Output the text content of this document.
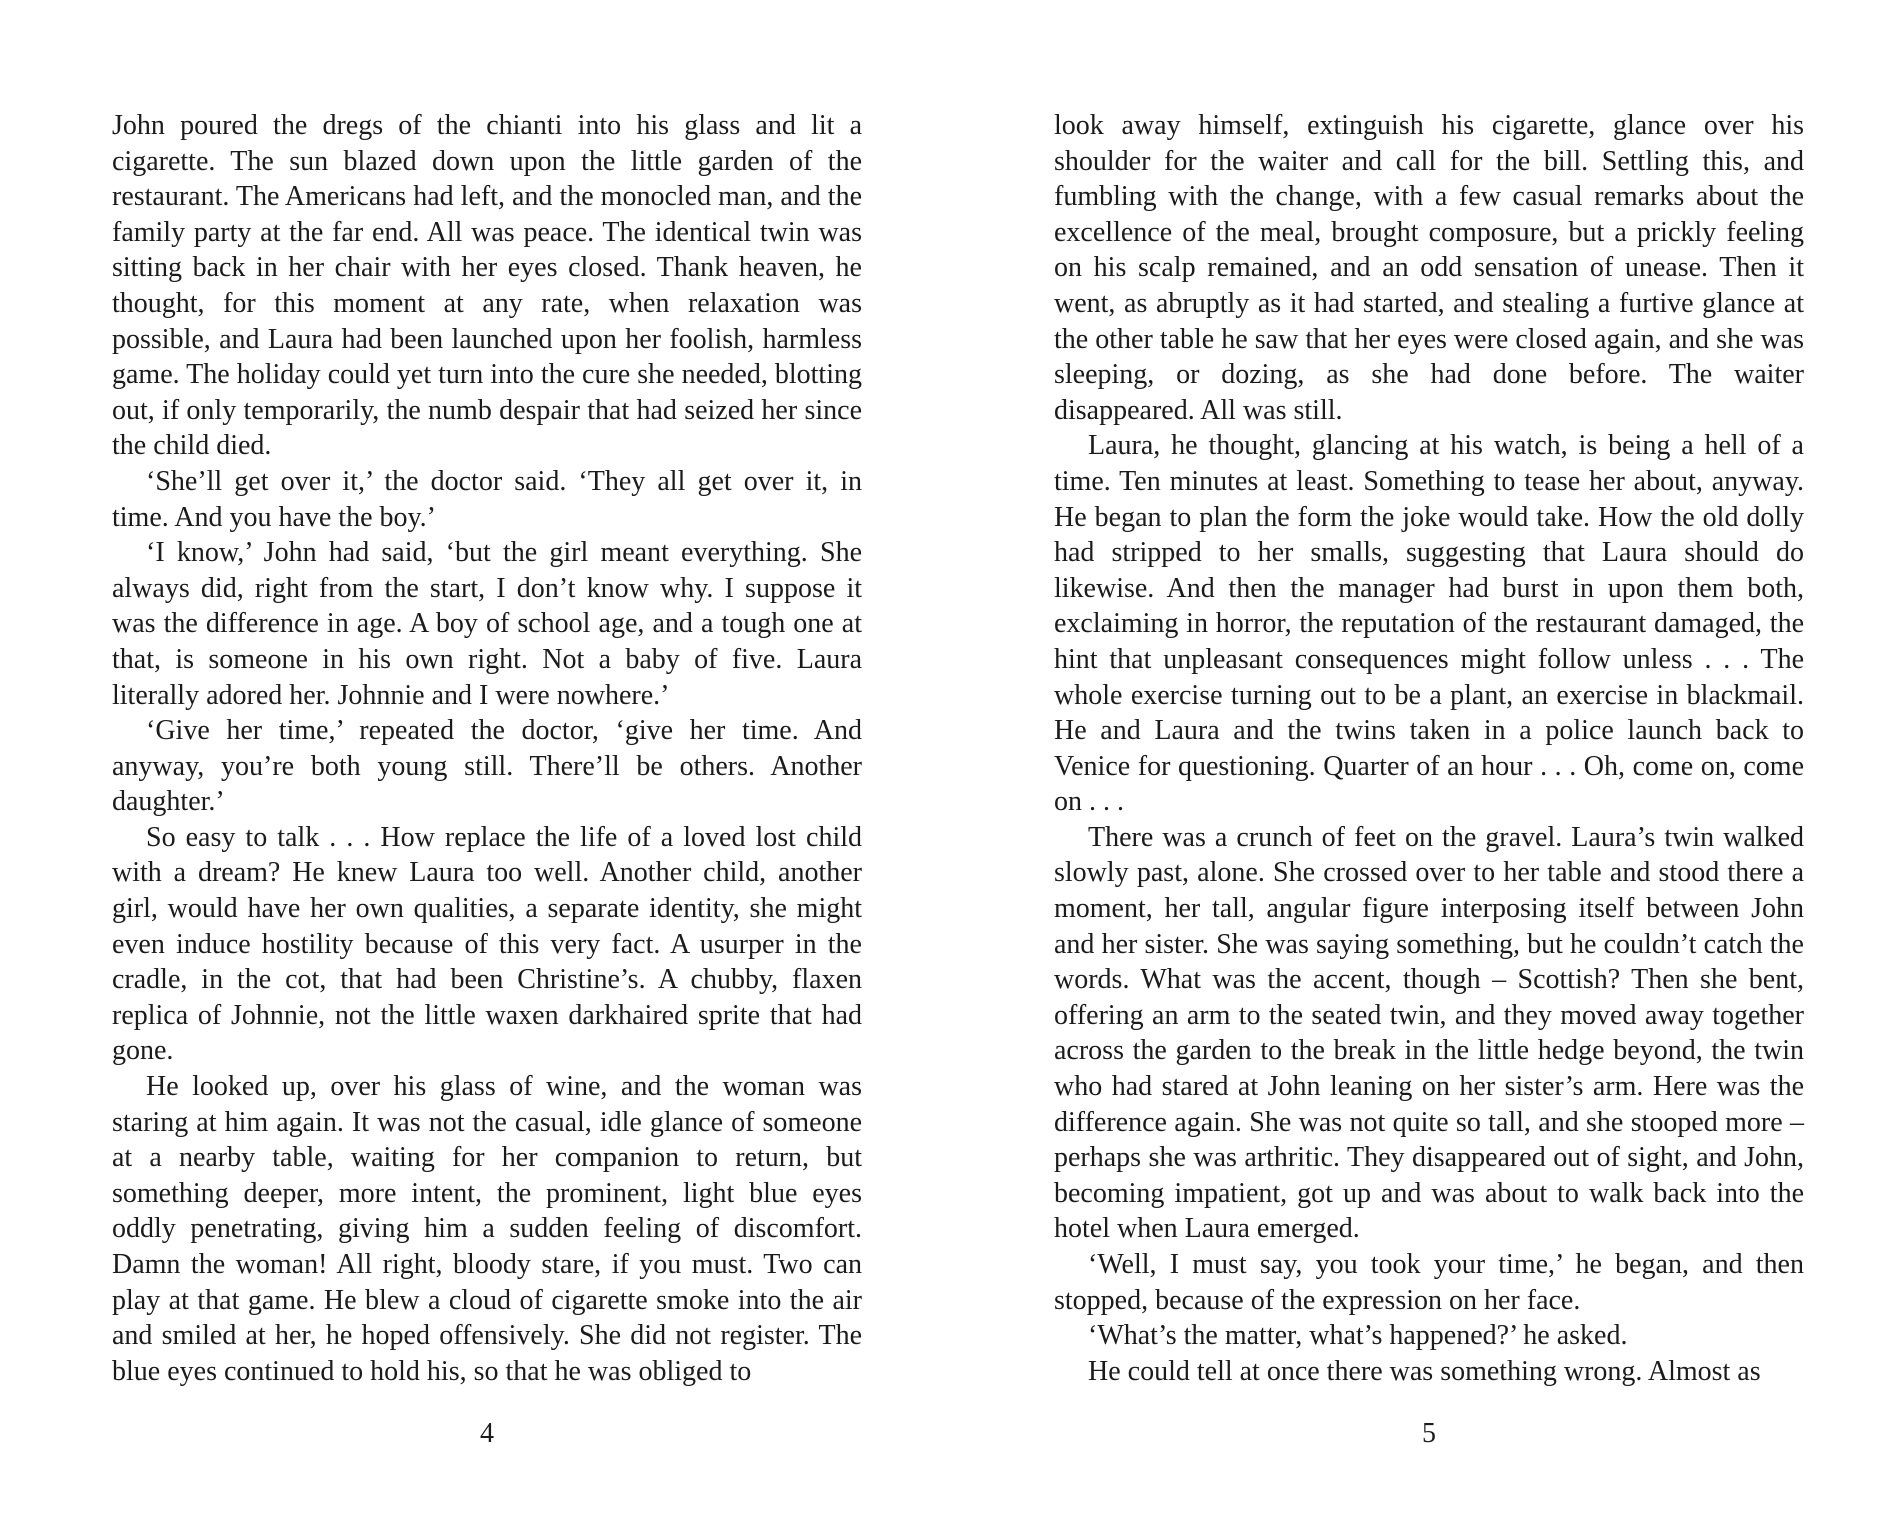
John poured the dregs of the chianti into his glass and lit a cigarette. The sun blazed down upon the little garden of the restaurant. The Americans had left, and the monocled man, and the family party at the far end. All was peace. The identical twin was sitting back in her chair with her eyes closed. Thank heaven, he thought, for this moment at any rate, when relaxation was possible, and Laura had been launched upon her foolish, harmless game. The holiday could yet turn into the cure she needed, blotting out, if only temporarily, the numb despair that had seized her since the child died.

‘She’ll get over it,’ the doctor said. ‘They all get over it, in time. And you have the boy.’

‘I know,’ John had said, ‘but the girl meant everything. She always did, right from the start, I don’t know why. I suppose it was the difference in age. A boy of school age, and a tough one at that, is someone in his own right. Not a baby of five. Laura literally adored her. Johnnie and I were nowhere.’

‘Give her time,’ repeated the doctor, ‘give her time. And anyway, you’re both young still. There’ll be others. Another daughter.’

So easy to talk . . . How replace the life of a loved lost child with a dream? He knew Laura too well. Another child, another girl, would have her own qualities, a separate identity, she might even induce hostility because of this very fact. A usurper in the cradle, in the cot, that had been Christine’s. A chubby, flaxen replica of Johnnie, not the little waxen darkhaired sprite that had gone.

He looked up, over his glass of wine, and the woman was staring at him again. It was not the casual, idle glance of someone at a nearby table, waiting for her companion to return, but something deeper, more intent, the prominent, light blue eyes oddly penetrating, giving him a sudden feeling of discomfort. Damn the woman! All right, bloody stare, if you must. Two can play at that game. He blew a cloud of cigarette smoke into the air and smiled at her, he hoped offensively. She did not register. The blue eyes continued to hold his, so that he was obliged to

4

look away himself, extinguish his cigarette, glance over his shoulder for the waiter and call for the bill. Settling this, and fumbling with the change, with a few casual remarks about the excellence of the meal, brought composure, but a prickly feeling on his scalp remained, and an odd sensation of unease. Then it went, as abruptly as it had started, and stealing a furtive glance at the other table he saw that her eyes were closed again, and she was sleeping, or dozing, as she had done before. The waiter disappeared. All was still.

Laura, he thought, glancing at his watch, is being a hell of a time. Ten minutes at least. Something to tease her about, anyway. He began to plan the form the joke would take. How the old dolly had stripped to her smalls, suggesting that Laura should do likewise. And then the manager had burst in upon them both, exclaiming in horror, the reputation of the restaurant damaged, the hint that unpleasant consequences might follow unless . . . The whole exercise turning out to be a plant, an exercise in blackmail. He and Laura and the twins taken in a police launch back to Venice for questioning. Quarter of an hour . . . Oh, come on, come on . . .

There was a crunch of feet on the gravel. Laura’s twin walked slowly past, alone. She crossed over to her table and stood there a moment, her tall, angular figure interposing itself between John and her sister. She was saying something, but he couldn’t catch the words. What was the accent, though – Scottish? Then she bent, offering an arm to the seated twin, and they moved away together across the garden to the break in the little hedge beyond, the twin who had stared at John leaning on her sister’s arm. Here was the difference again. She was not quite so tall, and she stooped more – perhaps she was arthritic. They disappeared out of sight, and John, becoming impatient, got up and was about to walk back into the hotel when Laura emerged.

‘Well, I must say, you took your time,’ he began, and then stopped, because of the expression on her face.

‘What’s the matter, what’s happened?’ he asked.

He could tell at once there was something wrong. Almost as

5
